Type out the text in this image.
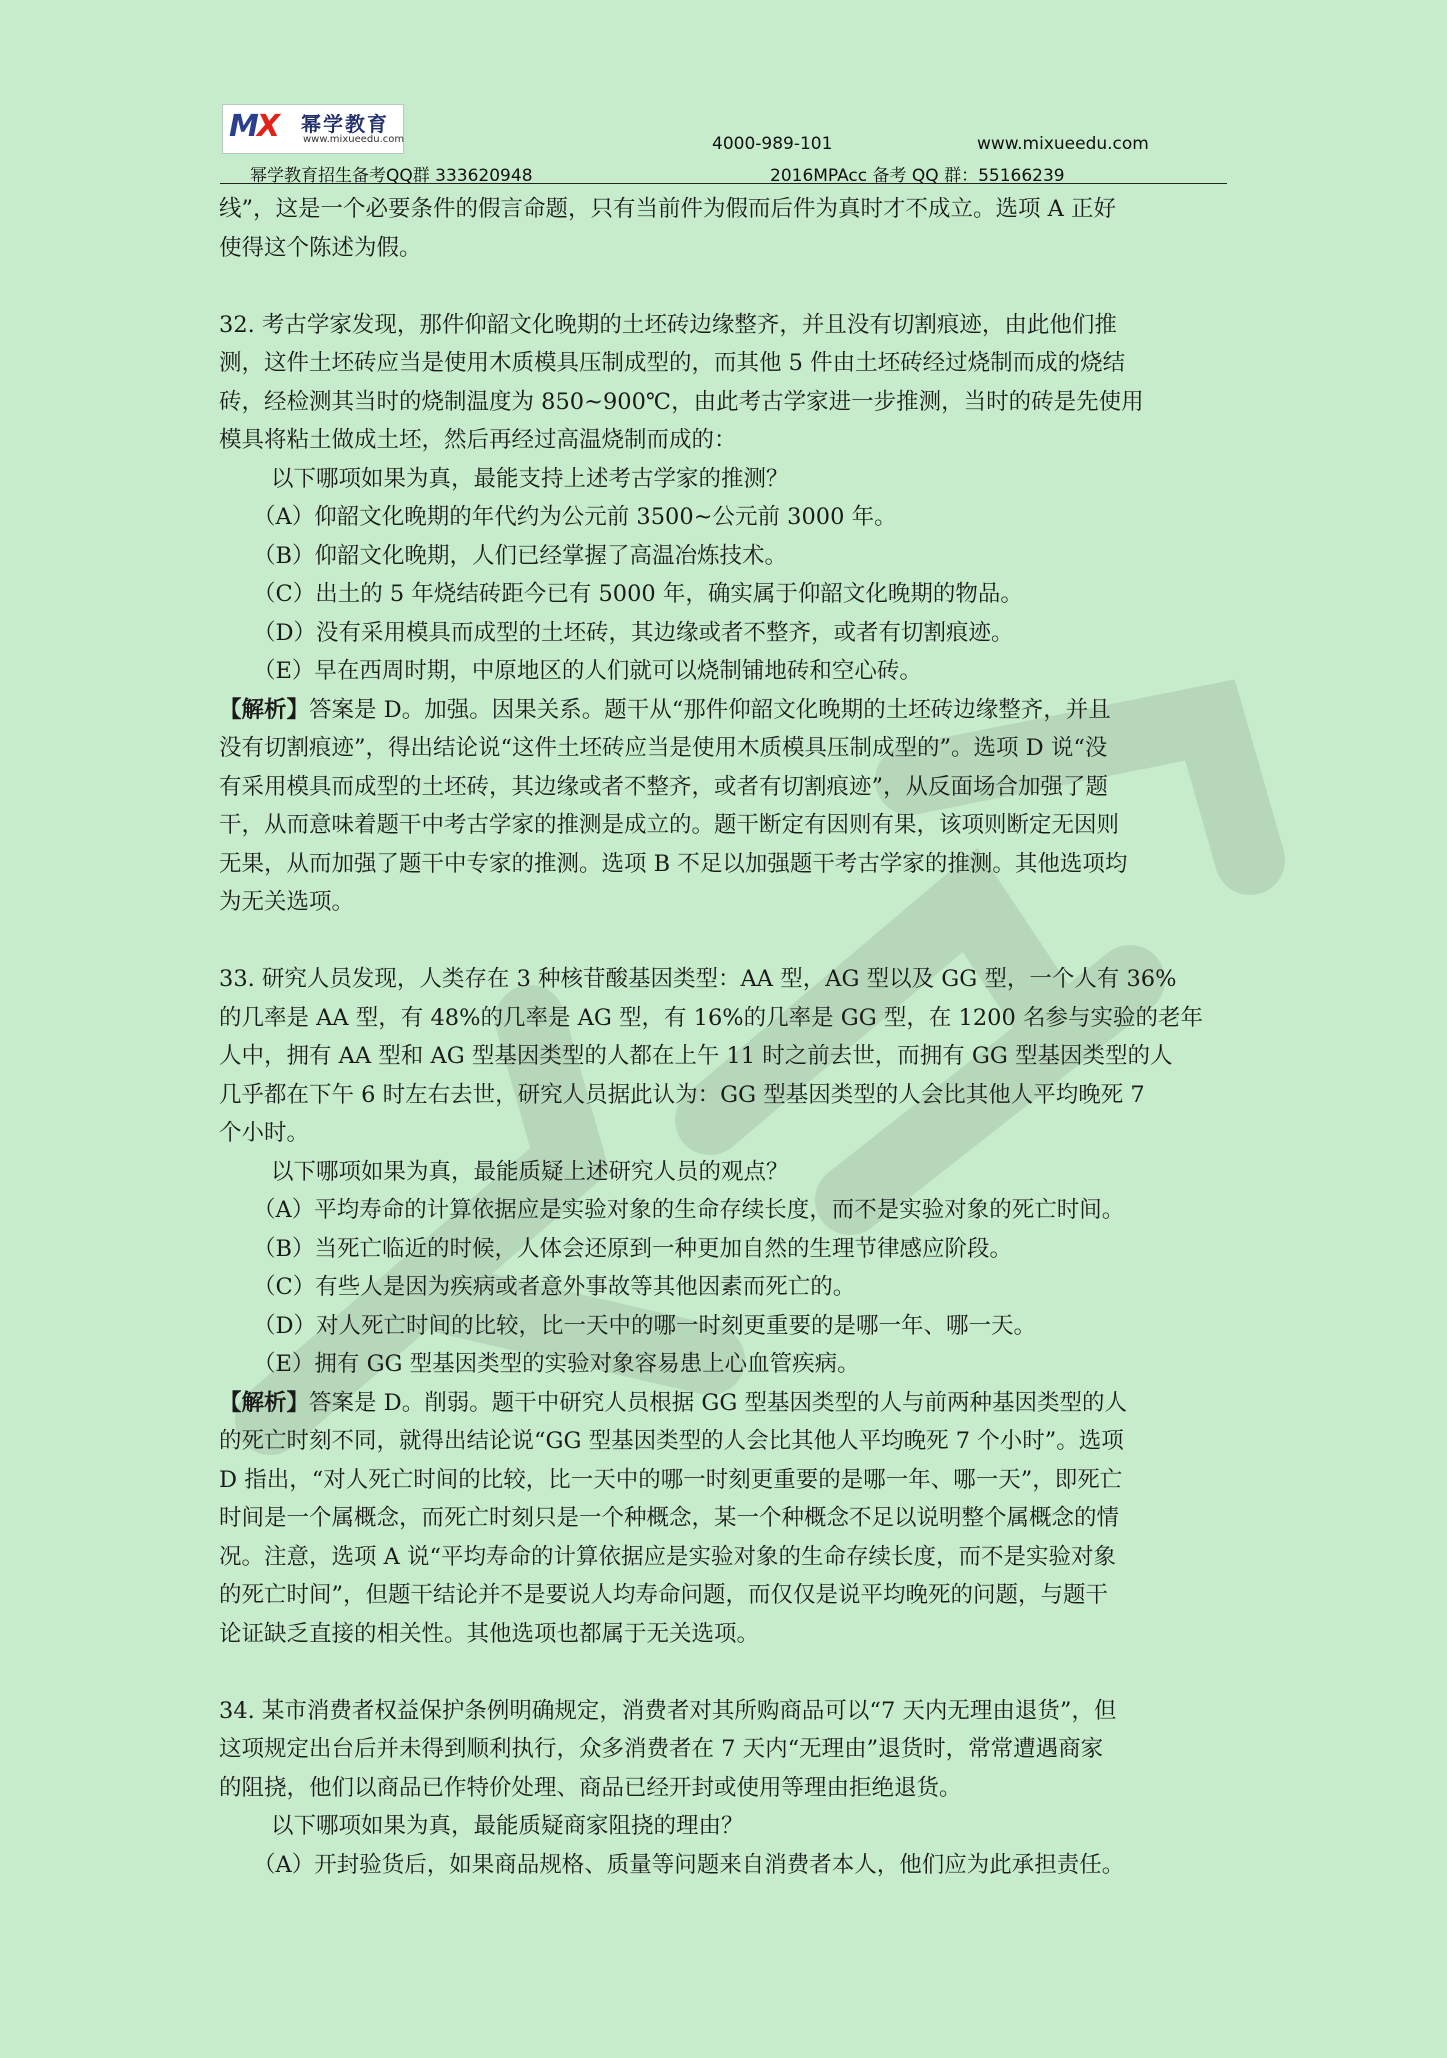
MX 幂学教育
www.mixueedu.com	4000-989-101	www.mixueedu.com
幂学教育招生备考QQ群 333620948	2016MPAcc 备考 QQ 群：55166239

线”，这是一个必要条件的假言命题，只有当前件为假而后件为真时才不成立。选项 A 正好

使得这个陈述为假。

32. 考古学家发现，那件仰韶文化晚期的土坯砖边缘整齐，并且没有切割痕迹，由此他们推

测，这件土坯砖应当是使用木质模具压制成型的，而其他 5 件由土坯砖经过烧制而成的烧结

砖，经检测其当时的烧制温度为 850~900℃，由此考古学家进一步推测，当时的砖是先使用

模具将粘土做成土坯，然后再经过高温烧制而成的：

以下哪项如果为真，最能支持上述考古学家的推测？

（A）仰韶文化晚期的年代约为公元前 3500~公元前 3000 年。

（B）仰韶文化晚期，人们已经掌握了高温冶炼技术。

（C）出土的 5 年烧结砖距今已有 5000 年，确实属于仰韶文化晚期的物品。

（D）没有采用模具而成型的土坯砖，其边缘或者不整齐，或者有切割痕迹。

（E）早在西周时期，中原地区的人们就可以烧制铺地砖和空心砖。

【解析】答案是 D。加强。因果关系。题干从“那件仰韶文化晚期的土坯砖边缘整齐，并且

没有切割痕迹”，得出结论说“这件土坯砖应当是使用木质模具压制成型的”。选项 D 说“没

有采用模具而成型的土坯砖，其边缘或者不整齐，或者有切割痕迹”，从反面场合加强了题

干，从而意味着题干中考古学家的推测是成立的。题干断定有因则有果，该项则断定无因则

无果，从而加强了题干中专家的推测。选项 B 不足以加强题干考古学家的推测。其他选项均

为无关选项。

33. 研究人员发现，人类存在 3 种核苷酸基因类型：AA 型，AG 型以及 GG 型，一个人有 36%

的几率是 AA 型，有 48%的几率是 AG 型，有 16%的几率是 GG 型，在 1200 名参与实验的老年

人中，拥有 AA 型和 AG 型基因类型的人都在上午 11 时之前去世，而拥有 GG 型基因类型的人

几乎都在下午 6 时左右去世，研究人员据此认为：GG 型基因类型的人会比其他人平均晚死 7

个小时。

以下哪项如果为真，最能质疑上述研究人员的观点？

（A）平均寿命的计算依据应是实验对象的生命存续长度，而不是实验对象的死亡时间。

（B）当死亡临近的时候，人体会还原到一种更加自然的生理节律感应阶段。

（C）有些人是因为疾病或者意外事故等其他因素而死亡的。

（D）对人死亡时间的比较，比一天中的哪一时刻更重要的是哪一年、哪一天。

（E）拥有 GG 型基因类型的实验对象容易患上心血管疾病。

【解析】答案是 D。削弱。题干中研究人员根据 GG 型基因类型的人与前两种基因类型的人

的死亡时刻不同，就得出结论说“GG 型基因类型的人会比其他人平均晚死 7 个小时”。选项

D 指出，“对人死亡时间的比较，比一天中的哪一时刻更重要的是哪一年、哪一天”，即死亡

时间是一个属概念，而死亡时刻只是一个种概念，某一个种概念不足以说明整个属概念的情

况。注意，选项 A 说“平均寿命的计算依据应是实验对象的生命存续长度，而不是实验对象

的死亡时间”，但题干结论并不是要说人均寿命问题，而仅仅是说平均晚死的问题，与题干

论证缺乏直接的相关性。其他选项也都属于无关选项。

34. 某市消费者权益保护条例明确规定，消费者对其所购商品可以“7 天内无理由退货”，但

这项规定出台后并未得到顺利执行，众多消费者在 7 天内“无理由”退货时，常常遭遇商家

的阻挠，他们以商品已作特价处理、商品已经开封或使用等理由拒绝退货。

以下哪项如果为真，最能质疑商家阻挠的理由？

（A）开封验货后，如果商品规格、质量等问题来自消费者本人，他们应为此承担责任。
